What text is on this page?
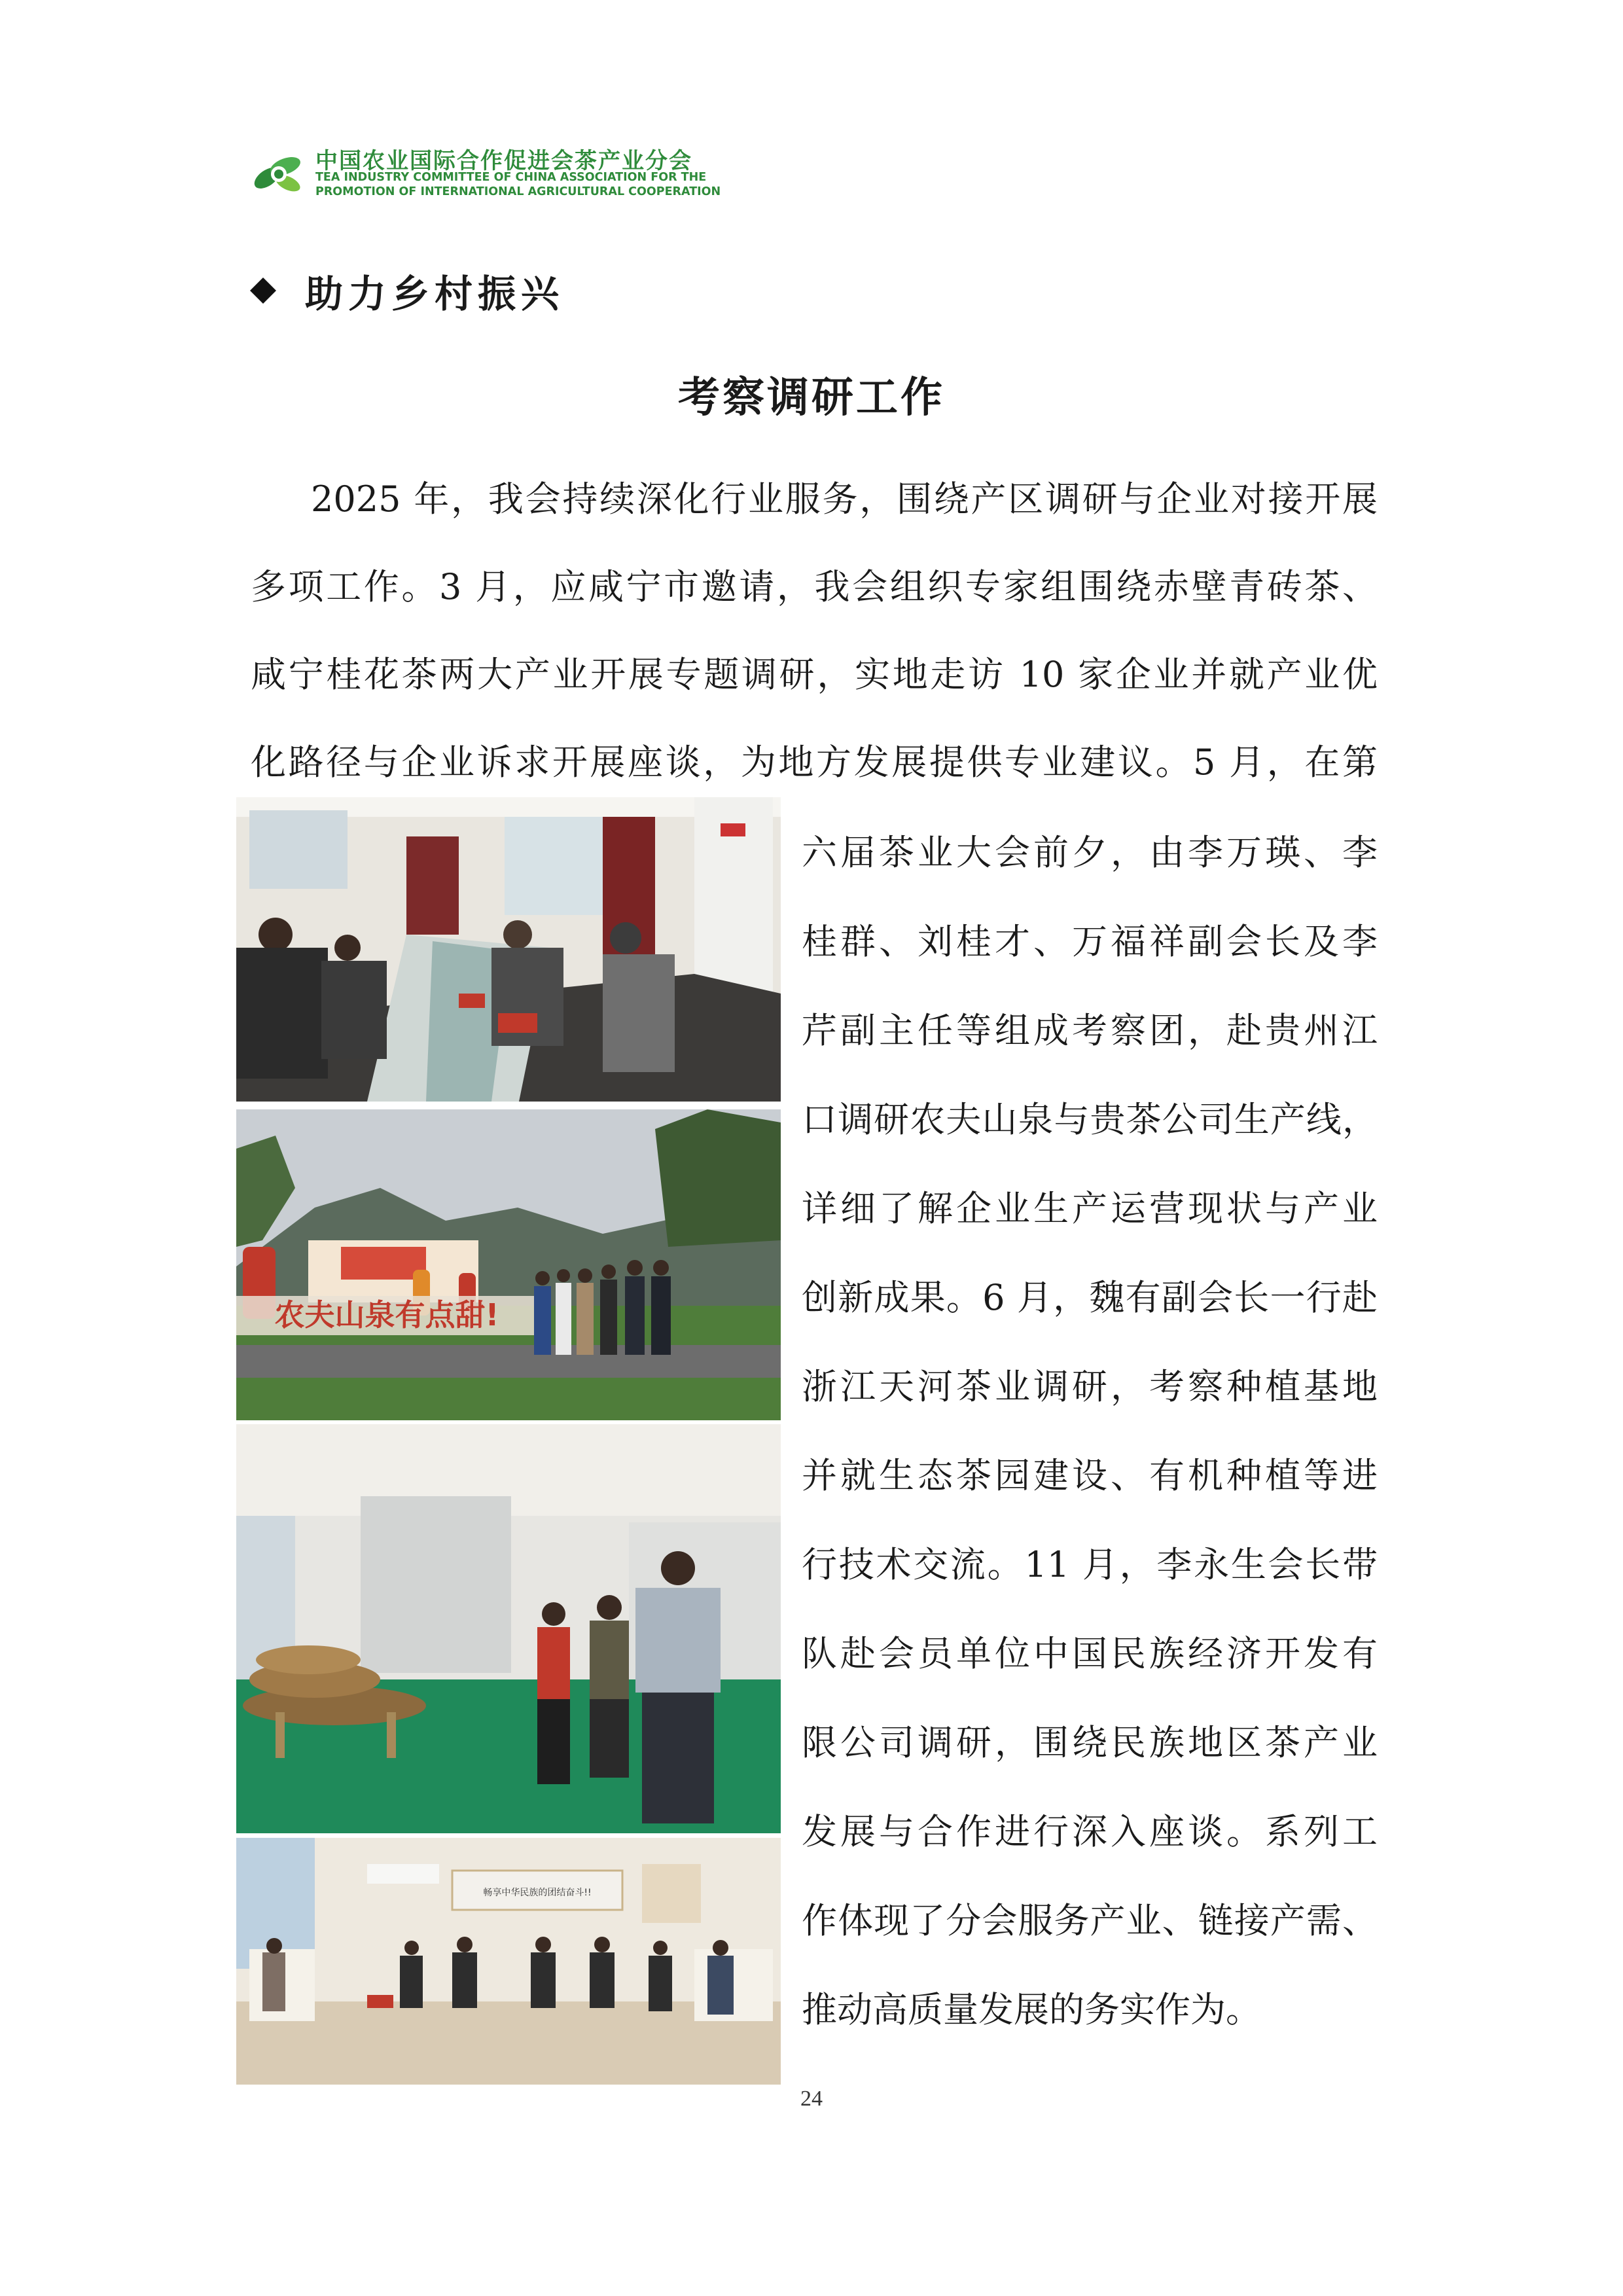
中国农业国际合作促进会茶产业分会
TEA INDUSTRY COMMITTEE OF CHINA ASSOCIATION FOR THE
PROMOTION OF INTERNATIONAL AGRICULTURAL COOPERATION
助力乡村振兴
考察调研工作
2025 年，我会持续深化行业服务，围绕产区调研与企业对接开展
多项工作。3 月，应咸宁市邀请，我会组织专家组围绕赤壁青砖茶、
咸宁桂花茶两大产业开展专题调研，实地走访 10 家企业并就产业优
化路径与企业诉求开展座谈，为地方发展提供专业建议。5 月，在第
六届茶业大会前夕，由李万瑛、李
桂群、刘桂才、万福祥副会长及李
芹副主任等组成考察团，赴贵州江
口调研农夫山泉与贵茶公司生产线，
详细了解企业生产运营现状与产业
创新成果。6 月，魏有副会长一行赴
浙江天河茶业调研，考察种植基地
并就生态茶园建设、有机种植等进
行技术交流。11 月，李永生会长带
队赴会员单位中国民族经济开发有
限公司调研，围绕民族地区茶产业
发展与合作进行深入座谈。系列工
作体现了分会服务产业、链接产需、
推动高质量发展的务实作为。
农夫山泉有点甜!
畅享中华民族的团结奋斗!!
24
